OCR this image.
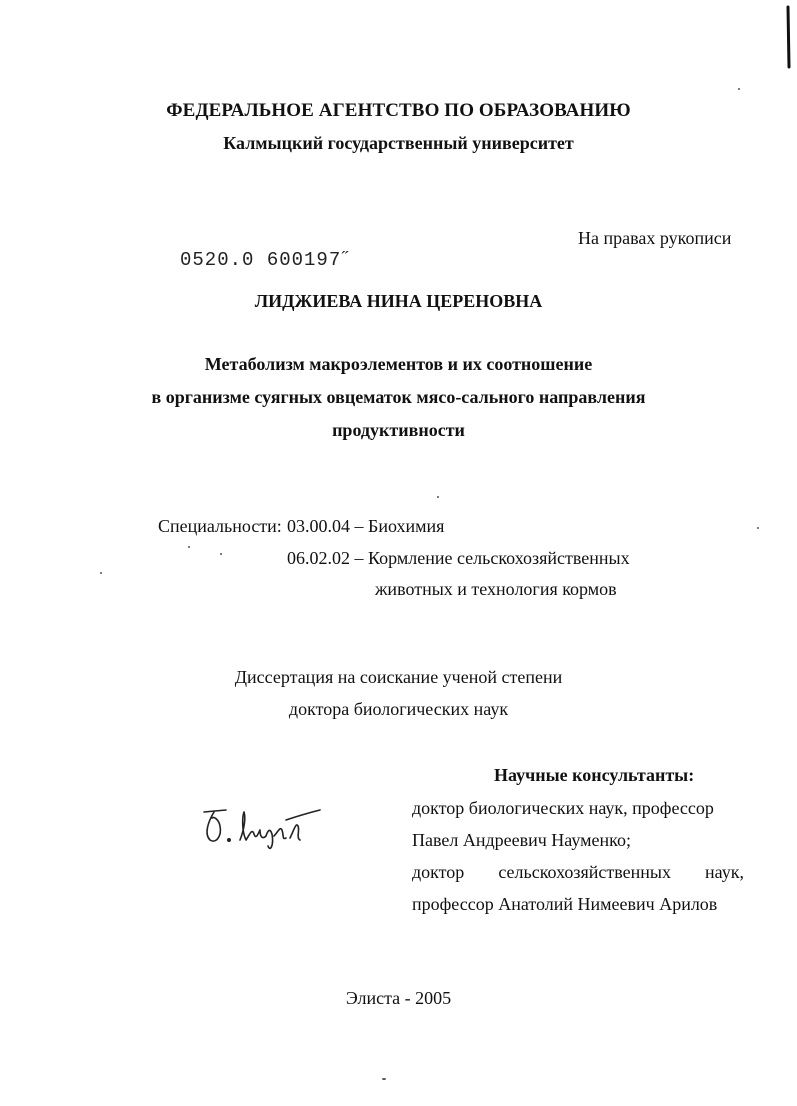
ФЕДЕРАЛЬНОЕ АГЕНТСТВО ПО ОБРАЗОВАНИЮ
Калмыцкий государственный университет
На правах рукописи
0520.0 600197˝
ЛИДЖИЕВА НИНА ЦЕРЕНОВНА
Метаболизм макроэлементов и их соотношение
в организме суягных овцематок мясо-сального направления
продуктивности
Специальности: 03.00.04 – Биохимия
06.02.02 – Кормление сельскохозяйственных
животных и технология кормов
Диссертация на соискание ученой степени
доктора биологических наук
Научные консультанты:
доктор биологических наук, профессор
Павел Андреевич Науменко;
доктор сельскохозяйственных наук,
профессор Анатолий Нимеевич Арилов
Элиста - 2005
